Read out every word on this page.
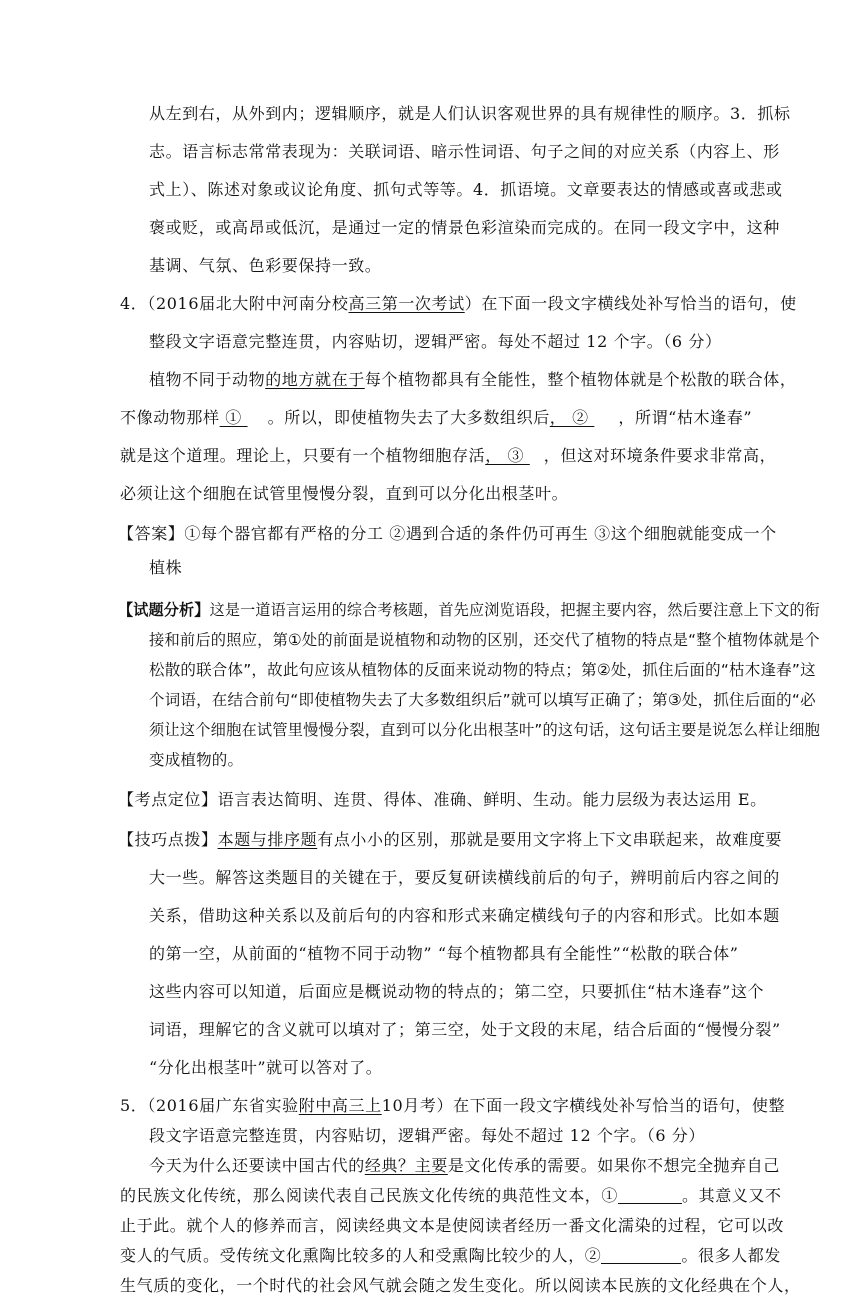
从左到右，从外到内；逻辑顺序，就是人们认识客观世界的具有规律性的顺序。3．抓标
志。语言标志常常表现为：关联词语、暗示性词语、句子之间的对应关系（内容上、形
式上）、陈述对象或议论角度、抓句式等等。4．抓语境。文章要表达的情感或喜或悲或
褒或贬，或高昂或低沉，是通过一定的情景色彩渲染而完成的。在同一段文字中，这种
基调、气氛、色彩要保持一致。
4．（2016届北大附中河南分校高三第一次考试）在下面一段文字横线处补写恰当的语句，使
整段文字语意完整连贯，内容贴切，逻辑严密。每处不超过 12 个字。（6 分）
植物不同于动物的地方就在于每个植物都具有全能性，整个植物体就是个松散的联合体，
不像动物那样 ① 。所以，即使植物失去了大多数组织后， ② ，所谓“枯木逢春”
就是这个道理。理论上，只要有一个植物细胞存活， ③ ，但这对环境条件要求非常高，
必须让这个细胞在试管里慢慢分裂，直到可以分化出根茎叶。
【答案】①每个器官都有严格的分工 ②遇到合适的条件仍可再生 ③这个细胞就能变成一个
植株
【试题分析】这是一道语言运用的综合考核题，首先应浏览语段，把握主要内容，然后要注意上下文的衔
接和前后的照应，第①处的前面是说植物和动物的区别，还交代了植物的特点是“整个植物体就是个
松散的联合体”，故此句应该从植物体的反面来说动物的特点；第②处，抓住后面的“枯木逢春”这
个词语，在结合前句“即使植物失去了大多数组织后”就可以填写正确了；第③处，抓住后面的“必
须让这个细胞在试管里慢慢分裂，直到可以分化出根茎叶”的这句话，这句话主要是说怎么样让细胞
变成植物的。
【考点定位】语言表达简明、连贯、得体、准确、鲜明、生动。能力层级为表达运用 E。
【技巧点拨】本题与排序题有点小小的区别，那就是要用文字将上下文串联起来，故难度要
大一些。解答这类题目的关键在于，要反复研读横线前后的句子，辨明前后内容之间的
关系，借助这种关系以及前后句的内容和形式来确定横线句子的内容和形式。比如本题
的第一空，从前面的“植物不同于动物” “每个植物都具有全能性”“松散的联合体”
这些内容可以知道，后面应是概说动物的特点的；第二空，只要抓住“枯木逢春”这个
词语，理解它的含义就可以填对了；第三空，处于文段的末尾，结合后面的“慢慢分裂”
“分化出根茎叶”就可以答对了。
5．（2016届广东省实验附中高三上10月考）在下面一段文字横线处补写恰当的语句，使整
段文字语意完整连贯，内容贴切，逻辑严密。每处不超过 12 个字。（6 分）
今天为什么还要读中国古代的经典？主要是文化传承的需要。如果你不想完全抛弃自己
的民族文化传统，那么阅读代表自己民族文化传统的典范性文本，①	。其意义又不
止于此。就个人的修养而言，阅读经典文本是使阅读者经历一番文化濡染的过程，它可以改
变人的气质。受传统文化熏陶比较多的人和受熏陶比较少的人，②	。很多人都发
生气质的变化，一个时代的社会风气就会随之发生变化。所以阅读本民族的文化经典在个人，
